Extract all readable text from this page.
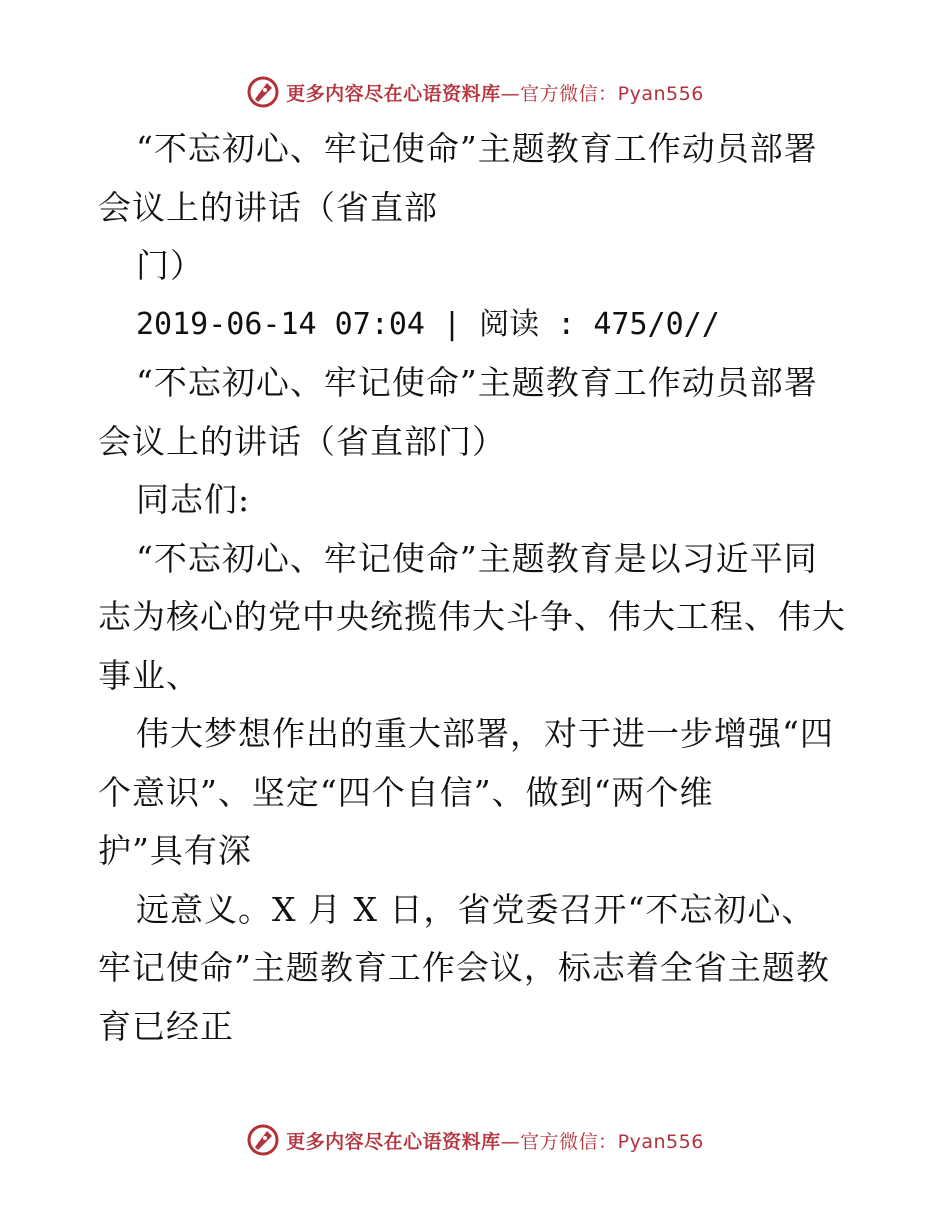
更多内容尽在心语资料库—官方微信：Pyan556
“不忘初心、牢记使命”主题教育工作动员部署
会议上的讲话（省直部
门）
2019-06-14 07:04 | 阅读 : 475/0//
“不忘初心、牢记使命”主题教育工作动员部署
会议上的讲话（省直部门）
同志们:
“不忘初心、牢记使命”主题教育是以习近平同
志为核心的党中央统揽伟大斗争、伟大工程、伟大
事业、
伟大梦想作出的重大部署，对于进一步增强“四
个意识”、坚定“四个自信”、做到“两个维
护”具有深
远意义。X 月 X 日，省党委召开“不忘初心、
牢记使命”主题教育工作会议，标志着全省主题教
育已经正
更多内容尽在心语资料库—官方微信：Pyan556
